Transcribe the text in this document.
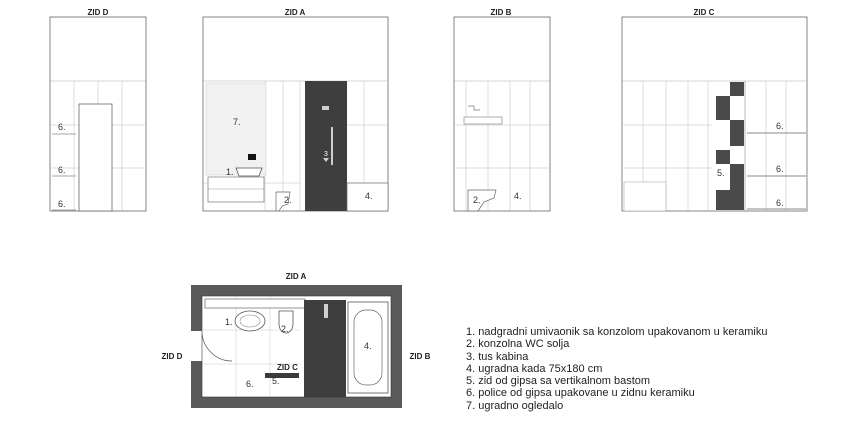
ZID D
6.
6.
6.
ZID A
7.
1.
2.
3
4.
ZID B
2.	4.
ZID C
6.
5.	6.
6.
ZID A
ZID D	ZID B
1.
2.
4.
6. 5.
ZID C
1. nadgradni umivaonik sa konzolom upakovanom u keramiku
2. konzolna WC solja
3. tus kabina
4. ugradna kada 75x180 cm
5. zid od gipsa sa vertikalnom bastom
6. police od gipsa upakovane u zidnu keramiku
7. ugradno ogledalo
